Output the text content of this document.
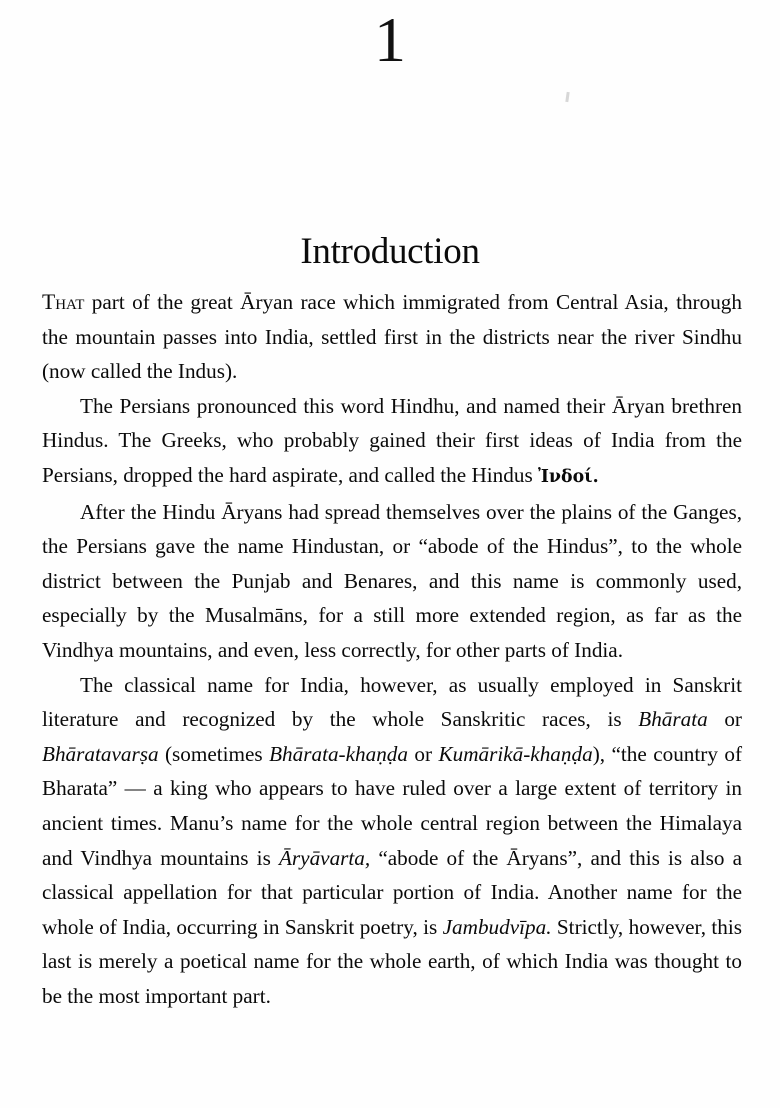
1
Introduction

That part of the great Āryan race which immigrated from Central Asia, through the mountain passes into India, settled first in the districts near the river Sindhu (now called the Indus).

The Persians pronounced this word Hindhu, and named their Āryan brethren Hindus. The Greeks, who probably gained their first ideas of India from the Persians, dropped the hard aspirate, and called the Hindus Ἰνδοί.

After the Hindu Āryans had spread themselves over the plains of the Ganges, the Persians gave the name Hindustan, or “abode of the Hindus”, to the whole district between the Punjab and Benares, and this name is commonly used, especially by the Musalmāns, for a still more extended region, as far as the Vindhya mountains, and even, less correctly, for other parts of India.

The classical name for India, however, as usually employed in Sanskrit literature and recognized by the whole Sanskritic races, is Bhārata or Bhāratavarṣa (sometimes Bhārata-khaṇḍa or Kumārikā-khaṇḍa), “the country of Bharata” — a king who appears to have ruled over a large extent of territory in ancient times. Manu’s name for the whole central region between the Himalaya and Vindhya mountains is Āryāvarta, “abode of the Āryans”, and this is also a classical appellation for that particular portion of India. Another name for the whole of India, occurring in Sanskrit poetry, is Jambudvīpa. Strictly, however, this last is merely a poetical name for the whole earth, of which India was thought to be the most important part.
